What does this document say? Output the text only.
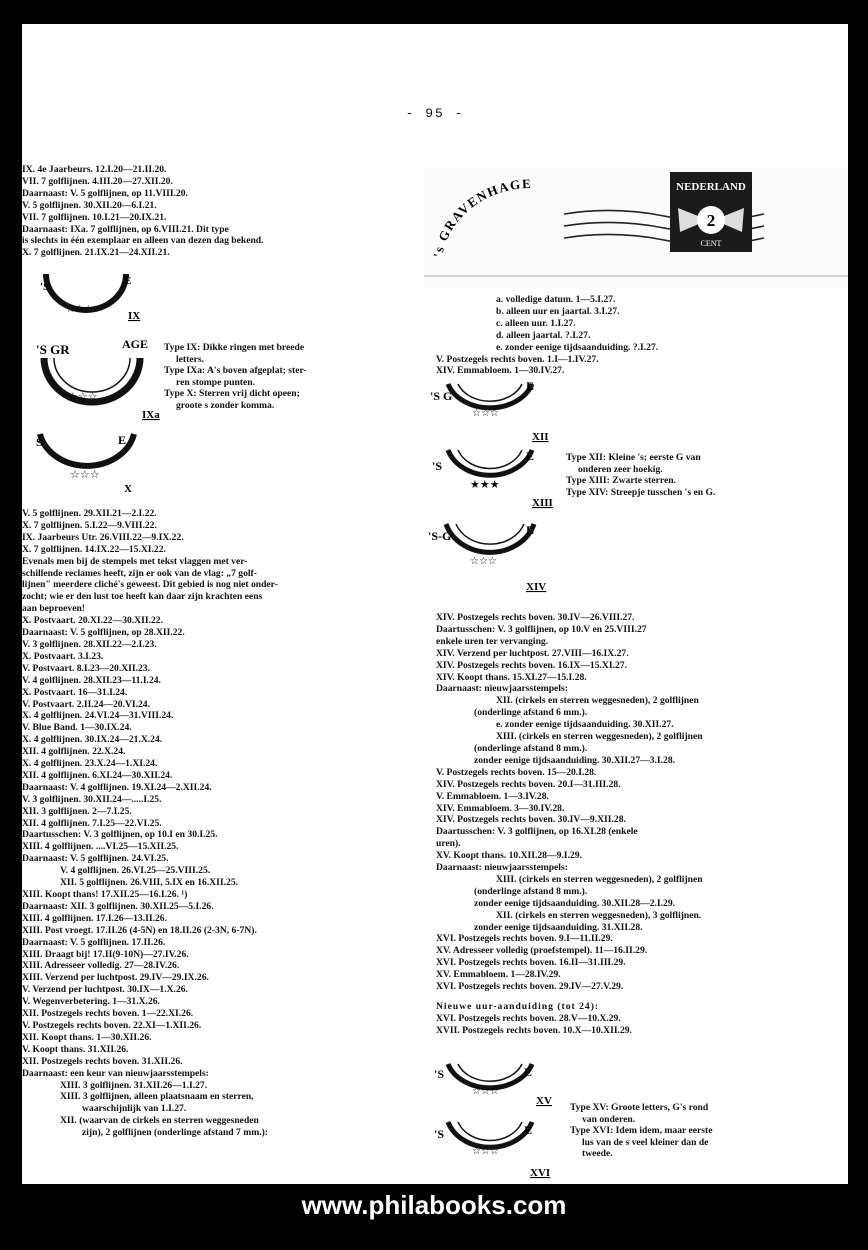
- 95 -
IX. 4e Jaarbeurs. 12.I.20—21.II.20.
VII. 7 golflijnen. 4.III.20—27.XII.20.
Daarnaast: V. 5 golflijnen, op 11.VIII.20.
V. 5 golflijnen. 30.XII.20—6.I.21.
VII. 7 golflijnen. 10.I.21—20.IX.21.
Daarnaast: IXa. 7 golflijnen, op 6.VIII.21. Dit type
is slechts in één exemplaar en alleen van dezen dag bekend.
X. 7 golflijnen. 21.IX.21—24.XII.21.
'S	E
☆☆☆
IX
'S GR	AGE
☆☆☆
IXa
S	E
☆☆☆
X
Type IX: Dikke ringen met breede
letters.
Type IXa: A's boven afgeplat; ster-
ren stompe punten.
Type X: Sterren vrij dicht opeen;
groote s zonder komma.
V. 5 golflijnen. 29.XII.21—2.I.22.
X. 7 golflijnen. 5.I.22—9.VIII.22.
IX. Jaarbeurs Utr. 26.VIII.22—9.IX.22.
X. 7 golflijnen. 14.IX.22—15.XI.22.
Evenals men bij de stempels met tekst vlaggen met ver-
schillende reclames heeft, zijn er ook van de vlag: „7 golf-
lijnen" meerdere cliché's geweest. Dit gebied is nog niet onder-
zocht; wie er den lust toe heeft kan daar zijn krachten eens
aan beproeven!
X. Postvaart. 20.XI.22—30.XII.22.
Daarnaast: V. 5 golflijnen, op 28.XII.22.
V. 3 golflijnen. 28.XII.22—2.I.23.
X. Postvaart. 3.I.23.
V. Postvaart. 8.I.23—20.XII.23.
V. 4 golflijnen. 28.XII.23—11.I.24.
X. Postvaart. 16—31.I.24.
V. Postvaart. 2.II.24—20.VI.24.
X. 4 golflijnen. 24.VI.24—31.VIII.24.
V. Blue Band. 1—30.IX.24.
X. 4 golflijnen. 30.IX.24—21.X.24.
XII. 4 golflijnen. 22.X.24.
X. 4 golflijnen. 23.X.24—1.XI.24.
XII. 4 golflijnen. 6.XI.24—30.XII.24.
Daarnaast: V. 4 golflijnen. 19.XI.24—2.XII.24.
V. 3 golflijnen. 30.XII.24—.....I.25.
XII. 3 golflijnen. 2—7.I.25.
XII. 4 golflijnen. 7.I.25—22.VI.25.
Daartusschen: V. 3 golflijnen, op 10.I en 30.I.25.
XIII. 4 golflijnen. ....VI.25—15.XII.25.
Daarnaast: V. 5 golflijnen. 24.VI.25.
V. 4 golflijnen. 26.VI.25—25.VIII.25.
XII. 5 golflijnen. 26.VIII, 5.IX en 16.XII.25.
XIII. Koopt thans! 17.XII.25—16.I.26. ¹)
Daarnaast: XII. 3 golflijnen. 30.XII.25—5.I.26.
XIII. 4 golflijnen. 17.I.26—13.II.26.
XIII. Post vroegt. 17.II.26 (4-5N) en 18.II.26 (2-3N, 6-7N).
Daarnaast: V. 5 golflijnen. 17.II.26.
XIII. Draagt bij! 17.II(9-10N)—27.IV.26.
XIII. Adresseer volledig. 27—28.IV.26.
XIII. Verzend per luchtpost. 29.IV—29.IX.26.
V. Verzend per luchtpost. 30.IX—1.X.26.
V. Wegenverbetering. 1—31.X.26.
XII. Postzegels rechts boven. 1—22.XI.26.
V. Postzegels rechts boven. 22.XI—1.XII.26.
XII. Koopt thans. 1—30.XII.26.
V. Koopt thans. 31.XII.26.
XII. Postzegels rechts boven. 31.XII.26.
Daarnaast: een keur van nieuwjaarsstempels:
XIII. 3 golflijnen. 31.XII.26—1.I.27.
XIII. 3 golflijnen, alleen plaatsnaam en sterren,
waarschijnlijk van 1.I.27.
XII. (waarvan de cirkels en sterren weggesneden
zijn), 2 golflijnen (onderlinge afstand 7 mm.):
's GRAVENHAGE	NEDERLAND
2
CENT
a. volledige datum. 1—5.I.27.
b. alleen uur en jaartal. 3.I.27.
c. alleen uur. 1.I.27.
d. alleen jaartal. ?.I.27.
e. zonder eenige tijdsaanduiding. ?.I.27.
V. Postzegels rechts boven. 1.I—1.IV.27.
XIV. Emmabloem. 1—30.IV.27.
'S G
E
☆☆☆
XII
'S
E
★★★
XIII
'S-G	E
☆☆☆
XIV
Type XII: Kleine 's; eerste G van
onderen zeer hoekig.
Type XIII: Zwarte sterren.
Type XIV: Streepje tusschen 's en G.
XIV. Postzegels rechts boven. 30.IV—26.VIII.27.
Daartusschen: V. 3 golflijnen, op 10.V en 25.VIII.27
enkele uren ter vervanging.
XIV. Verzend per luchtpost. 27.VIII—16.IX.27.
XIV. Postzegels rechts boven. 16.IX—15.XI.27.
XIV. Koopt thans. 15.XI.27—15.I.28.
Daarnaast: nieuwjaarsstempels:
XII. (cirkels en sterren weggesneden), 2 golflijnen
(onderlinge afstand 6 mm.).
e. zonder eenige tijdsaanduiding. 30.XII.27.
XIII. (cirkels en sterren weggesneden), 2 golflijnen
(onderlinge afstand 8 mm.).
zonder eenige tijdsaanduiding. 30.XII.27—3.I.28.
V. Postzegels rechts boven. 15—20.I.28.
XIV. Postzegels rechts boven. 20.I—31.III.28.
V. Emmabloem. 1—3.IV.28.
XIV. Emmabloem. 3—30.IV.28.
XIV. Postzegels rechts boven. 30.IV—9.XII.28.
Daartusschen: V. 3 golflijnen, op 16.XI.28 (enkele
uren).
XV. Koopt thans. 10.XII.28—9.I.29.
Daarnaast: nieuwjaarsstempels:
XIII. (cirkels en sterren weggesneden), 2 golflijnen
(onderlinge afstand 8 mm.).
zonder eenige tijdsaanduiding. 30.XII.28—2.I.29.
XII. (cirkels en sterren weggesneden), 3 golflijnen.
zonder eenige tijdsaanduiding. 31.XII.28.
XVI. Postzegels rechts boven. 9.I—11.II.29.
XV. Adresseer volledig (proefstempel). 11—16.II.29.
XVI. Postzegels rechts boven. 16.II—31.III.29.
XV. Emmabloem. 1—28.IV.29.
XVI. Postzegels rechts boven. 29.IV—27.V.29.
Nieuwe uur-aanduiding (tot 24):
XVI. Postzegels rechts boven. 28.V—10.X.29.
XVII. Postzegels rechts boven. 10.X—10.XII.29.
'S	E
☆☆☆
XV
'S	E
☆☆☆
XVI
Type XV: Groote letters, G's rond
van onderen.
Type XVI: Idem idem, maar eerste
lus van de s veel kleiner dan de
tweede.
www.philabooks.com
